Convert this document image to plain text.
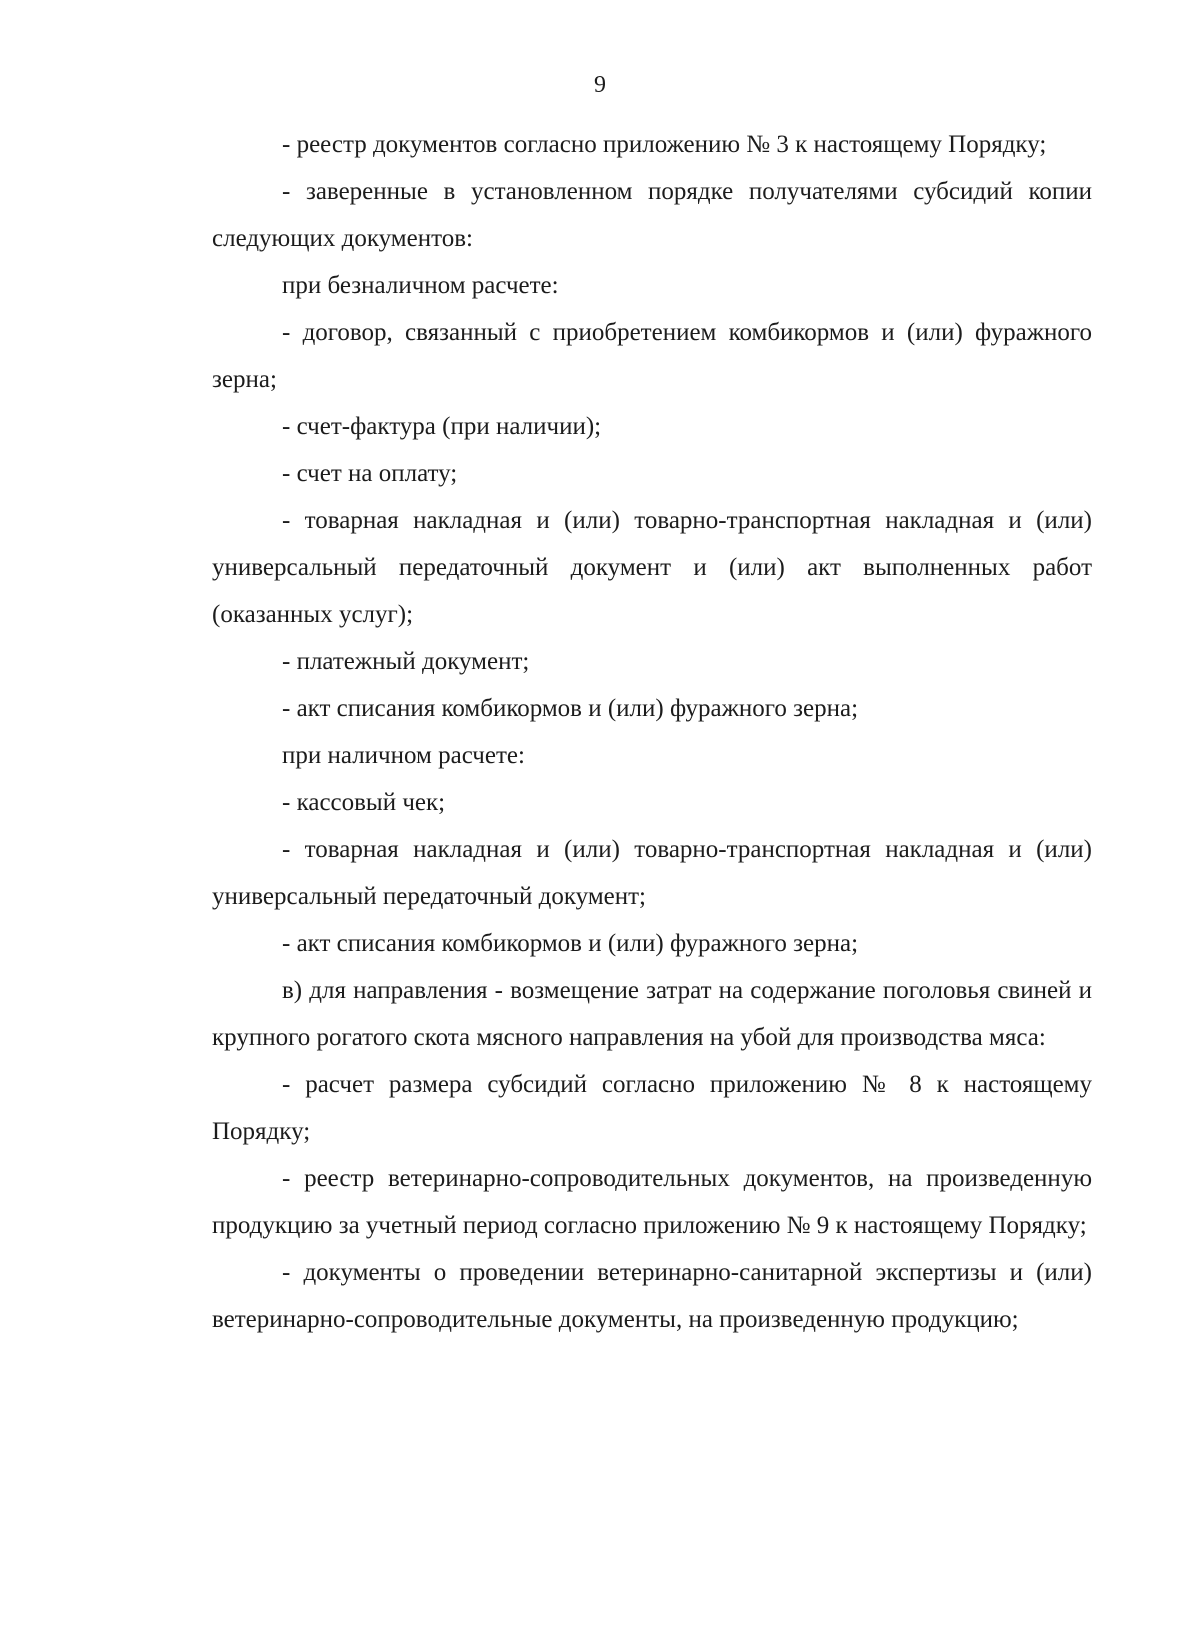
9

- реестр документов согласно приложению № 3 к настоящему Порядку;

- заверенные в установленном порядке получателями субсидий копии следующих документов:

при безналичном расчете:

- договор, связанный с приобретением комбикормов и (или) фуражного зерна;

- счет-фактура (при наличии);

- счет на оплату;

- товарная накладная и (или) товарно-транспортная накладная и (или) универсальный передаточный документ и (или) акт выполненных работ (оказанных услуг);

- платежный документ;

- акт списания комбикормов и (или) фуражного зерна;

при наличном расчете:

- кассовый чек;

- товарная накладная и (или) товарно-транспортная накладная и (или) универсальный передаточный документ;

- акт списания комбикормов и (или) фуражного зерна;

в) для направления - возмещение затрат на содержание поголовья свиней и крупного рогатого скота мясного направления на убой для производства мяса:

- расчет размера субсидий согласно приложению № 8 к настоящему Порядку;

- реестр ветеринарно-сопроводительных документов, на произведенную продукцию за учетный период согласно приложению № 9 к настоящему Порядку;

- документы о проведении ветеринарно-санитарной экспертизы и (или) ветеринарно-сопроводительные документы, на произведенную продукцию;
